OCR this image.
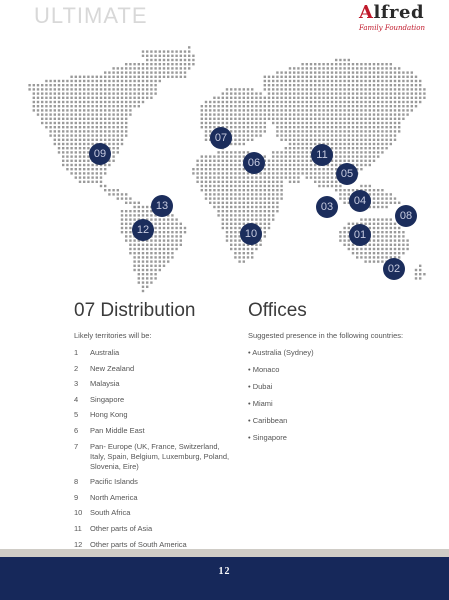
ULTIMATE	Alfred
Family Foundation
01
02
03 04
05
06
07
08
09
10
11
12
13
07 Distribution
Likely territories will be:
1	Australia
2	New Zealand
3	Malaysia
4	Singapore
5	Hong Kong
6	Pan Middle East
7	Pan- Europe (UK, France, Switzerland, Italy, Spain, Belgium, Luxemburg, Poland, Slovenia, Eire)
8	Pacific Islands
9	North America
10	South Africa
11	Other parts of Asia
12	Other parts of South America
Offices
Suggested presence in the following countries:
• Australia (Sydney)
• Monaco
• Dubai
• Miami
• Caribbean
• Singapore
12
